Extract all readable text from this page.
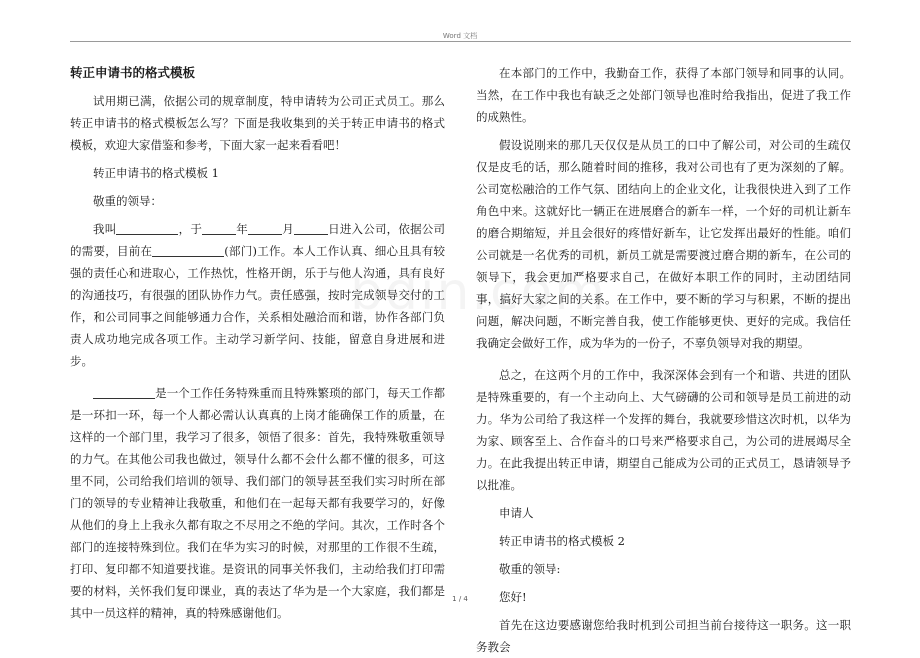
Word 文档
转正申请书的格式模板

试用期已满，依据公司的规章制度，特申请转为公司正式员工。那么转正申请书的格式模板怎么写？下面是我收集到的关于转正申请书的格式模板，欢迎大家借鉴和参考，下面大家一起来看看吧！

转正申请书的格式模板 1

敬重的领导：

我叫	，于	年	月	日进入公司，依据公司的需要，目前在	(部门)工作。本人工作认真、细心且具有较强的责任心和进取心，工作热忱，性格开朗，乐于与他人沟通，具有良好的沟通技巧，有很强的团队协作力气。责任感强，按时完成领导交付的工作，和公司同事之间能够通力合作，关系相处融洽而和谐，协作各部门负责人成功地完成各项工作。主动学习新学问、技能，留意自身进展和进步。

是一个工作任务特殊重而且特殊繁琐的部门，每天工作都是一环扣一环，每一个人都必需认认真真的上岗才能确保工作的质量，在这样的一个部门里，我学习了很多，领悟了很多：首先，我特殊敬重领导的力气。在其他公司我也做过，领导什么都不会什么都不懂的很多，可这里不同，公司给我们培训的领导、我们部门的领导甚至我们实习时所在部门的领导的专业精神让我敬重，和他们在一起每天都有我要学习的，好像从他们的身上上我永久都有取之不尽用之不绝的学问。其次，工作时各个部门的连接特殊到位。我们在华为实习的时候，对那里的工作很不生疏，打印、复印都不知道要找谁。是资讯的同事关怀我们，主动给我们打印需要的材料，关怀我们复印课业，真的表达了华为是一个大家庭，我们都是其中一员这样的精神，真的特殊感谢他们。

在本部门的工作中，我勤奋工作，获得了本部门领导和同事的认同。当然，在工作中我也有缺乏之处部门领导也准时给我指出，促进了我工作的成熟性。

假设说刚来的那几天仅仅是从员工的口中了解公司，对公司的生疏仅仅是皮毛的话，那么随着时间的推移，我对公司也有了更为深刻的了解。公司宽松融洽的工作气氛、团结向上的企业文化，让我很快进入到了工作角色中来。这就好比一辆正在进展磨合的新车一样，一个好的司机让新车的磨合期缩短，并且会很好的疼惜好新车，让它发挥出最好的性能。咱们公司就是一名优秀的司机，新员工就是需要渡过磨合期的新车，在公司的领导下，我会更加严格要求自己，在做好本职工作的同时，主动团结同事，搞好大家之间的关系。在工作中，要不断的学习与积累，不断的提出问题，解决问题，不断完善自我，使工作能够更快、更好的完成。我信任我确定会做好工作，成为华为的一份子，不辜负领导对我的期望。

总之，在这两个月的工作中，我深深体会到有一个和谐、共进的团队是特殊重要的，有一个主动向上、大气磅礴的公司和领导是员工前进的动力。华为公司给了我这样一个发挥的舞台，我就要珍惜这次时机，以华为为家、顾客至上、合作奋斗的口号来严格要求自己，为公司的进展竭尽全力。在此我提出转正申请，期望自己能成为公司的正式员工，恳请领导予以批准。

申请人

转正申请书的格式模板 2

敬重的领导:

您好!

首先在这边要感谢您给我时机到公司担当前台接待这一职务。这一职务教会

1 / 4
